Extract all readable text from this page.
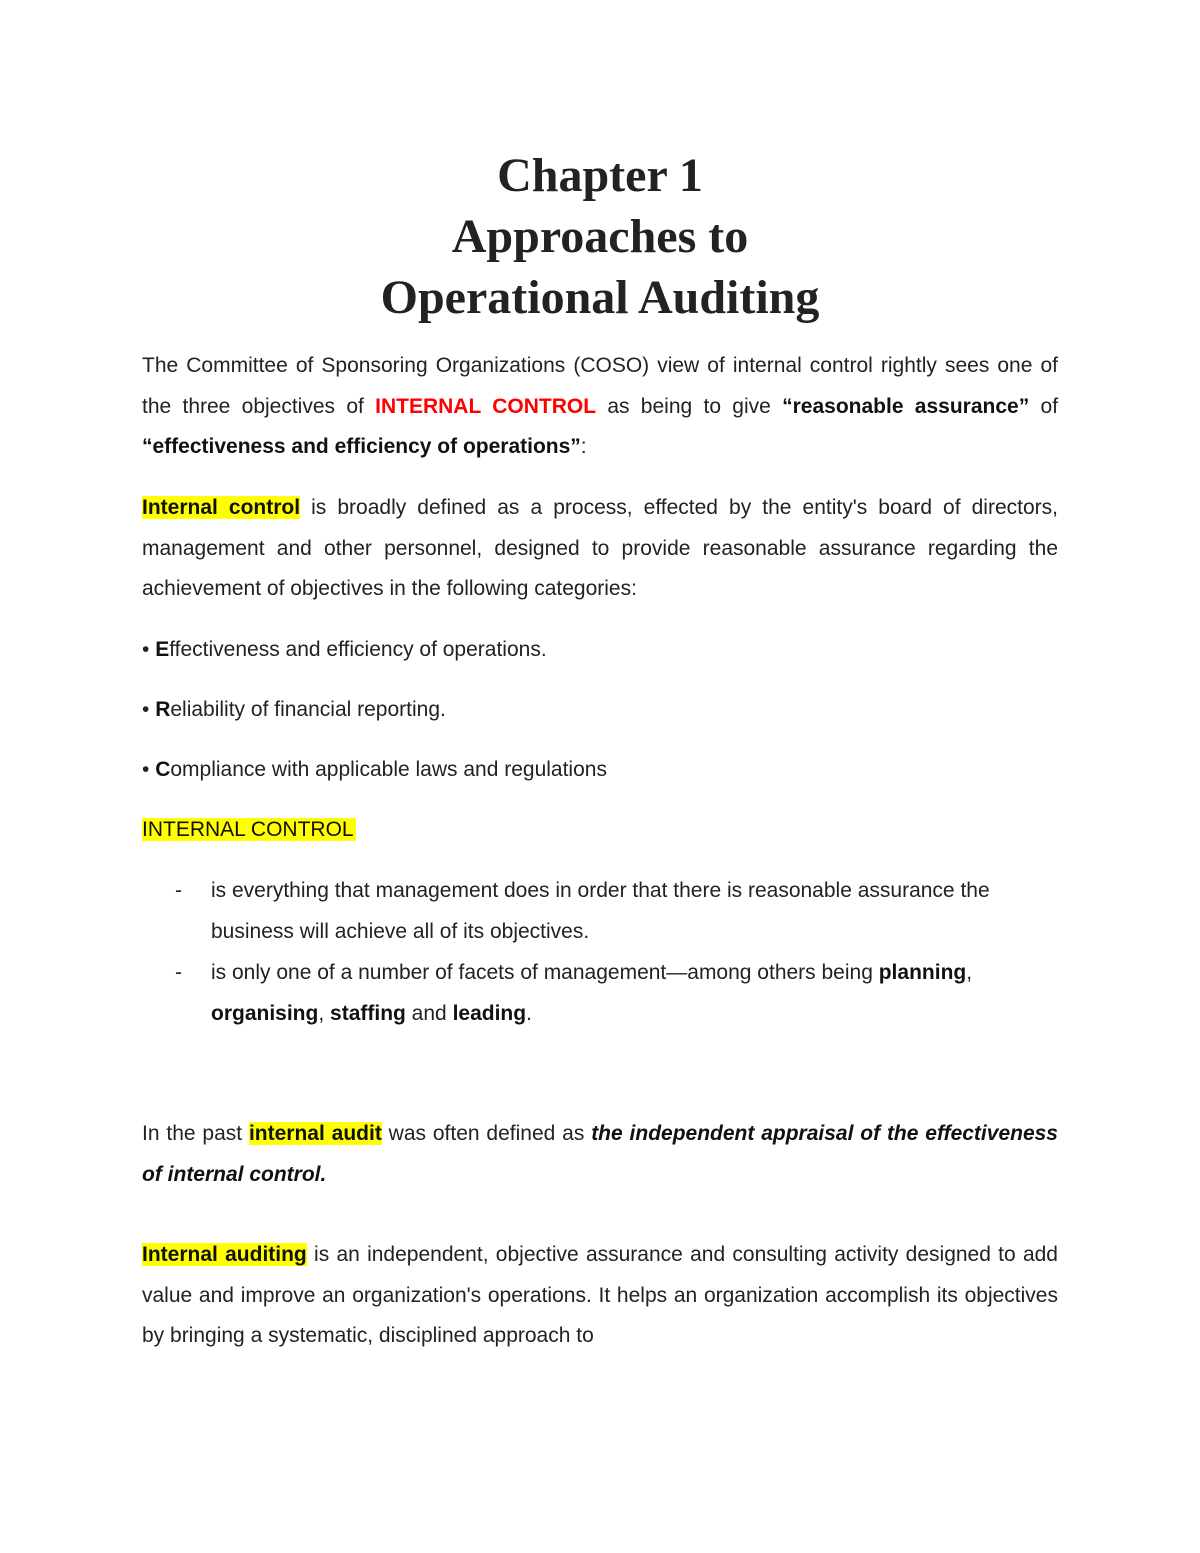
Chapter 1
Approaches to
Operational Auditing

The Committee of Sponsoring Organizations (COSO) view of internal control rightly sees one of the three objectives of INTERNAL CONTROL as being to give “reasonable assurance” of “effectiveness and efficiency of operations”:

Internal control is broadly defined as a process, effected by the entity's board of directors, management and other personnel, designed to provide reasonable assurance regarding the achievement of objectives in the following categories:

• Effectiveness and efficiency of operations.
• Reliability of financial reporting.
• Compliance with applicable laws and regulations
INTERNAL CONTROL
-	is everything that management does in order that there is reasonable assurance the business will achieve all of its objectives.
-	is only one of a number of facets of management—among others being planning, organising, staffing and leading.

In the past internal audit was often defined as the independent appraisal of the effectiveness of internal control.

Internal auditing is an independent, objective assurance and consulting activity designed to add value and improve an organization's operations. It helps an organization accomplish its objectives by bringing a systematic, disciplined approach to
